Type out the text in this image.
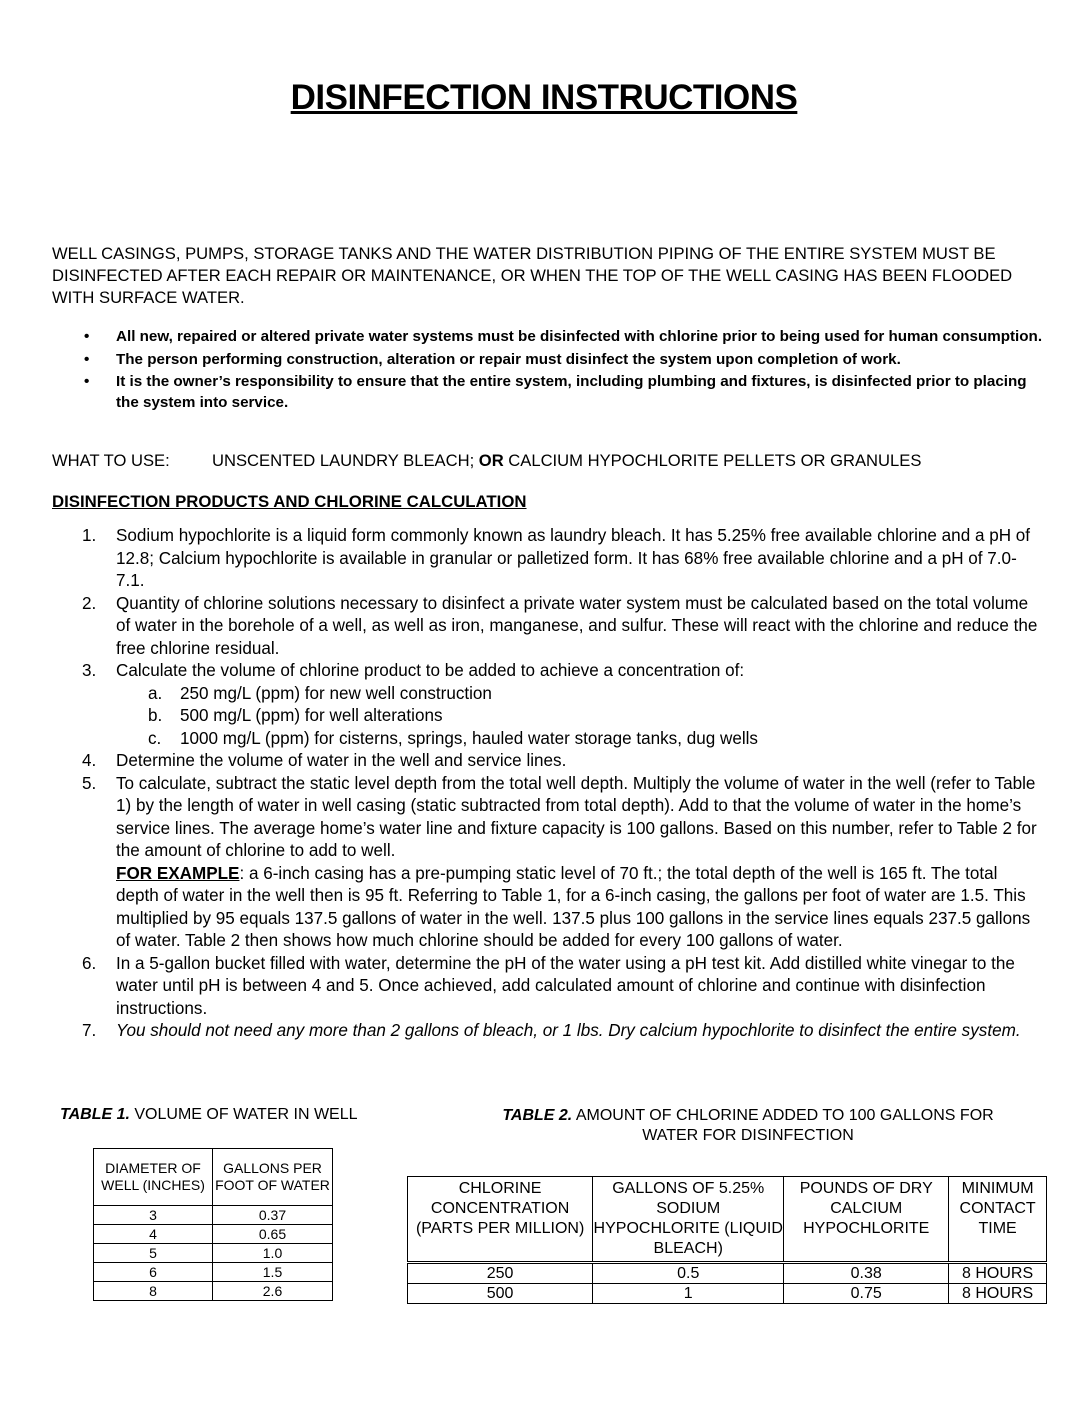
DISINFECTION INSTRUCTIONS
WELL CASINGS, PUMPS, STORAGE TANKS AND THE WATER DISTRIBUTION PIPING OF THE ENTIRE SYSTEM MUST BE DISINFECTED AFTER EACH REPAIR OR MAINTENANCE, OR WHEN THE TOP OF THE WELL CASING HAS BEEN FLOODED WITH SURFACE WATER.
• All new, repaired or altered private water systems must be disinfected with chlorine prior to being used for human consumption.
• The person performing construction, alteration or repair must disinfect the system upon completion of work.
• It is the owner’s responsibility to ensure that the entire system, including plumbing and fixtures, is disinfected prior to placing the system into service.
WHAT TO USE:	UNSCENTED LAUNDRY BLEACH; OR CALCIUM HYPOCHLORITE PELLETS OR GRANULES
DISINFECTION PRODUCTS AND CHLORINE CALCULATION
1. Sodium hypochlorite is a liquid form commonly known as laundry bleach. It has 5.25% free available chlorine and a pH of 12.8; Calcium hypochlorite is available in granular or palletized form. It has 68% free available chlorine and a pH of 7.0-7.1.
2. Quantity of chlorine solutions necessary to disinfect a private water system must be calculated based on the total volume of water in the borehole of a well, as well as iron, manganese, and sulfur. These will react with the chlorine and reduce the free chlorine residual.
3. Calculate the volume of chlorine product to be added to achieve a concentration of:
a. 250 mg/L (ppm) for new well construction
b. 500 mg/L (ppm) for well alterations
c. 1000 mg/L (ppm) for cisterns, springs, hauled water storage tanks, dug wells
4. Determine the volume of water in the well and service lines.
5. To calculate, subtract the static level depth from the total well depth. Multiply the volume of water in the well (refer to Table 1) by the length of water in well casing (static subtracted from total depth). Add to that the volume of water in the home’s service lines. The average home’s water line and fixture capacity is 100 gallons. Based on this number, refer to Table 2 for the amount of chlorine to add to well.
FOR EXAMPLE: a 6-inch casing has a pre-pumping static level of 70 ft.; the total depth of the well is 165 ft. The total depth of water in the well then is 95 ft. Referring to Table 1, for a 6-inch casing, the gallons per foot of water are 1.5. This multiplied by 95 equals 137.5 gallons of water in the well. 137.5 plus 100 gallons in the service lines equals 237.5 gallons of water. Table 2 then shows how much chlorine should be added for every 100 gallons of water.
6. In a 5-gallon bucket filled with water, determine the pH of the water using a pH test kit. Add distilled white vinegar to the water until pH is between 4 and 5. Once achieved, add calculated amount of chlorine and continue with disinfection instructions.
7. You should not need any more than 2 gallons of bleach, or 1 lbs. Dry calcium hypochlorite to disinfect the entire system.
TABLE 1. VOLUME OF WATER IN WELL	TABLE 2. AMOUNT OF CHLORINE ADDED TO 100 GALLONS FOR WATER FOR DISINFECTION
DIAMETER OF WELL (INCHES)	GALLONS PER FOOT OF WATER
3	0.37
4	0.65
5	1.0
6	1.5
8	2.6
CHLORINE CONCENTRATION (PARTS PER MILLION)	GALLONS OF 5.25% SODIUM HYPOCHLORITE (LIQUID BLEACH)	POUNDS OF DRY CALCIUM HYPOCHLORITE	MINIMUM CONTACT TIME
250	0.5	0.38	8 HOURS
500	1	0.75	8 HOURS
